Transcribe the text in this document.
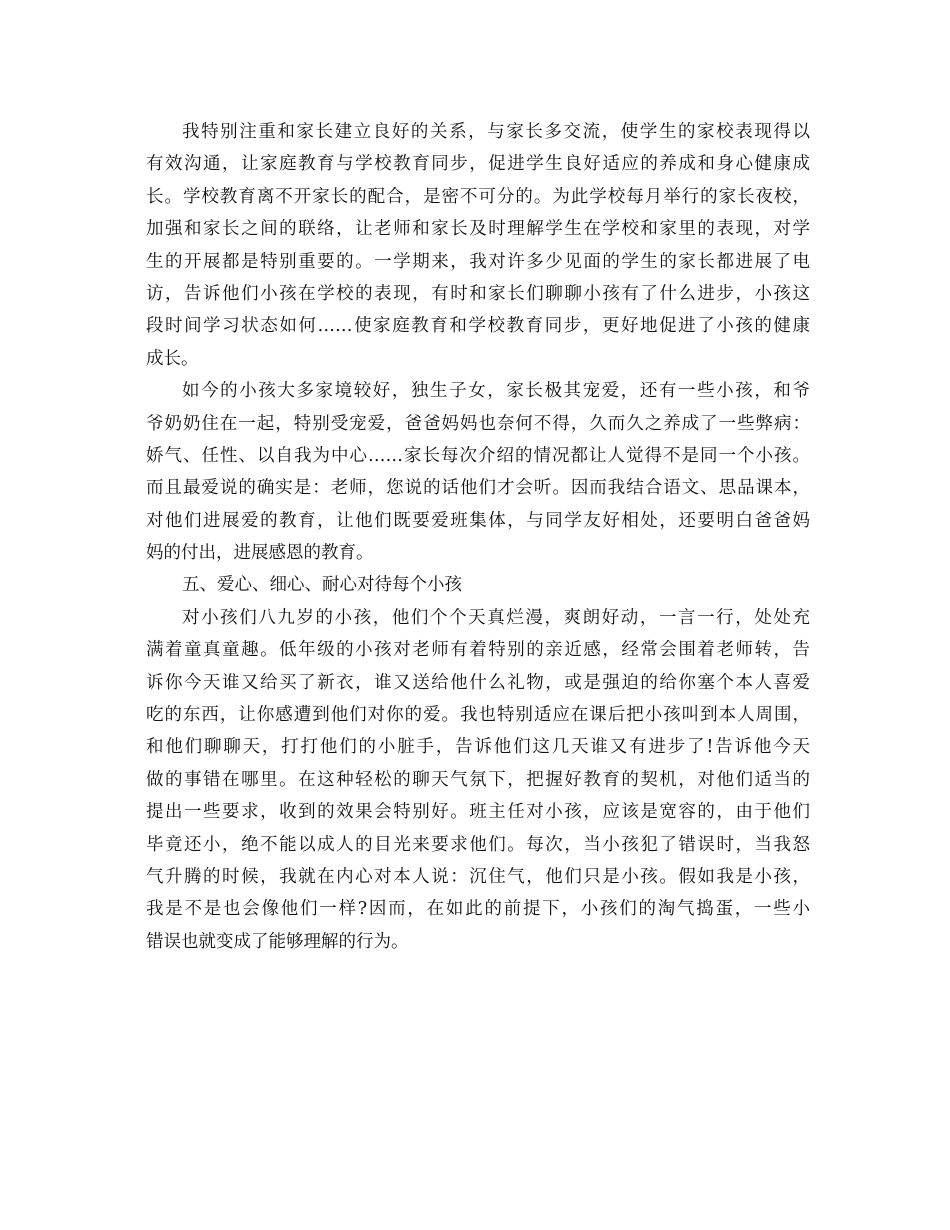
我特别注重和家长建立良好的关系，与家长多交流，使学生的家校表现得以
有效沟通，让家庭教育与学校教育同步，促进学生良好适应的养成和身心健康成
长。学校教育离不开家长的配合，是密不可分的。为此学校每月举行的家长夜校，
加强和家长之间的联络，让老师和家长及时理解学生在学校和家里的表现，对学
生的开展都是特别重要的。一学期来，我对许多少见面的学生的家长都进展了电
访，告诉他们小孩在学校的表现，有时和家长们聊聊小孩有了什么进步，小孩这
段时间学习状态如何……使家庭教育和学校教育同步，更好地促进了小孩的健康
成长。
如今的小孩大多家境较好，独生子女，家长极其宠爱，还有一些小孩，和爷
爷奶奶住在一起，特别受宠爱，爸爸妈妈也奈何不得，久而久之养成了一些弊病：
娇气、任性、以自我为中心……家长每次介绍的情况都让人觉得不是同一个小孩。
而且最爱说的确实是：老师，您说的话他们才会听。因而我结合语文、思品课本，
对他们进展爱的教育，让他们既要爱班集体，与同学友好相处，还要明白爸爸妈
妈的付出，进展感恩的教育。
五、爱心、细心、耐心对待每个小孩
对小孩们八九岁的小孩，他们个个天真烂漫，爽朗好动，一言一行，处处充
满着童真童趣。低年级的小孩对老师有着特别的亲近感，经常会围着老师转，告
诉你今天谁又给买了新衣，谁又送给他什么礼物，或是强迫的给你塞个本人喜爱
吃的东西，让你感遭到他们对你的爱。我也特别适应在课后把小孩叫到本人周围，
和他们聊聊天，打打他们的小脏手，告诉他们这几天谁又有进步了!告诉他今天
做的事错在哪里。在这种轻松的聊天气氛下，把握好教育的契机，对他们适当的
提出一些要求，收到的效果会特别好。班主任对小孩，应该是宽容的，由于他们
毕竟还小，绝不能以成人的目光来要求他们。每次，当小孩犯了错误时，当我怒
气升腾的时候，我就在内心对本人说：沉住气，他们只是小孩。假如我是小孩，
我是不是也会像他们一样?因而，在如此的前提下，小孩们的淘气捣蛋，一些小
错误也就变成了能够理解的行为。
